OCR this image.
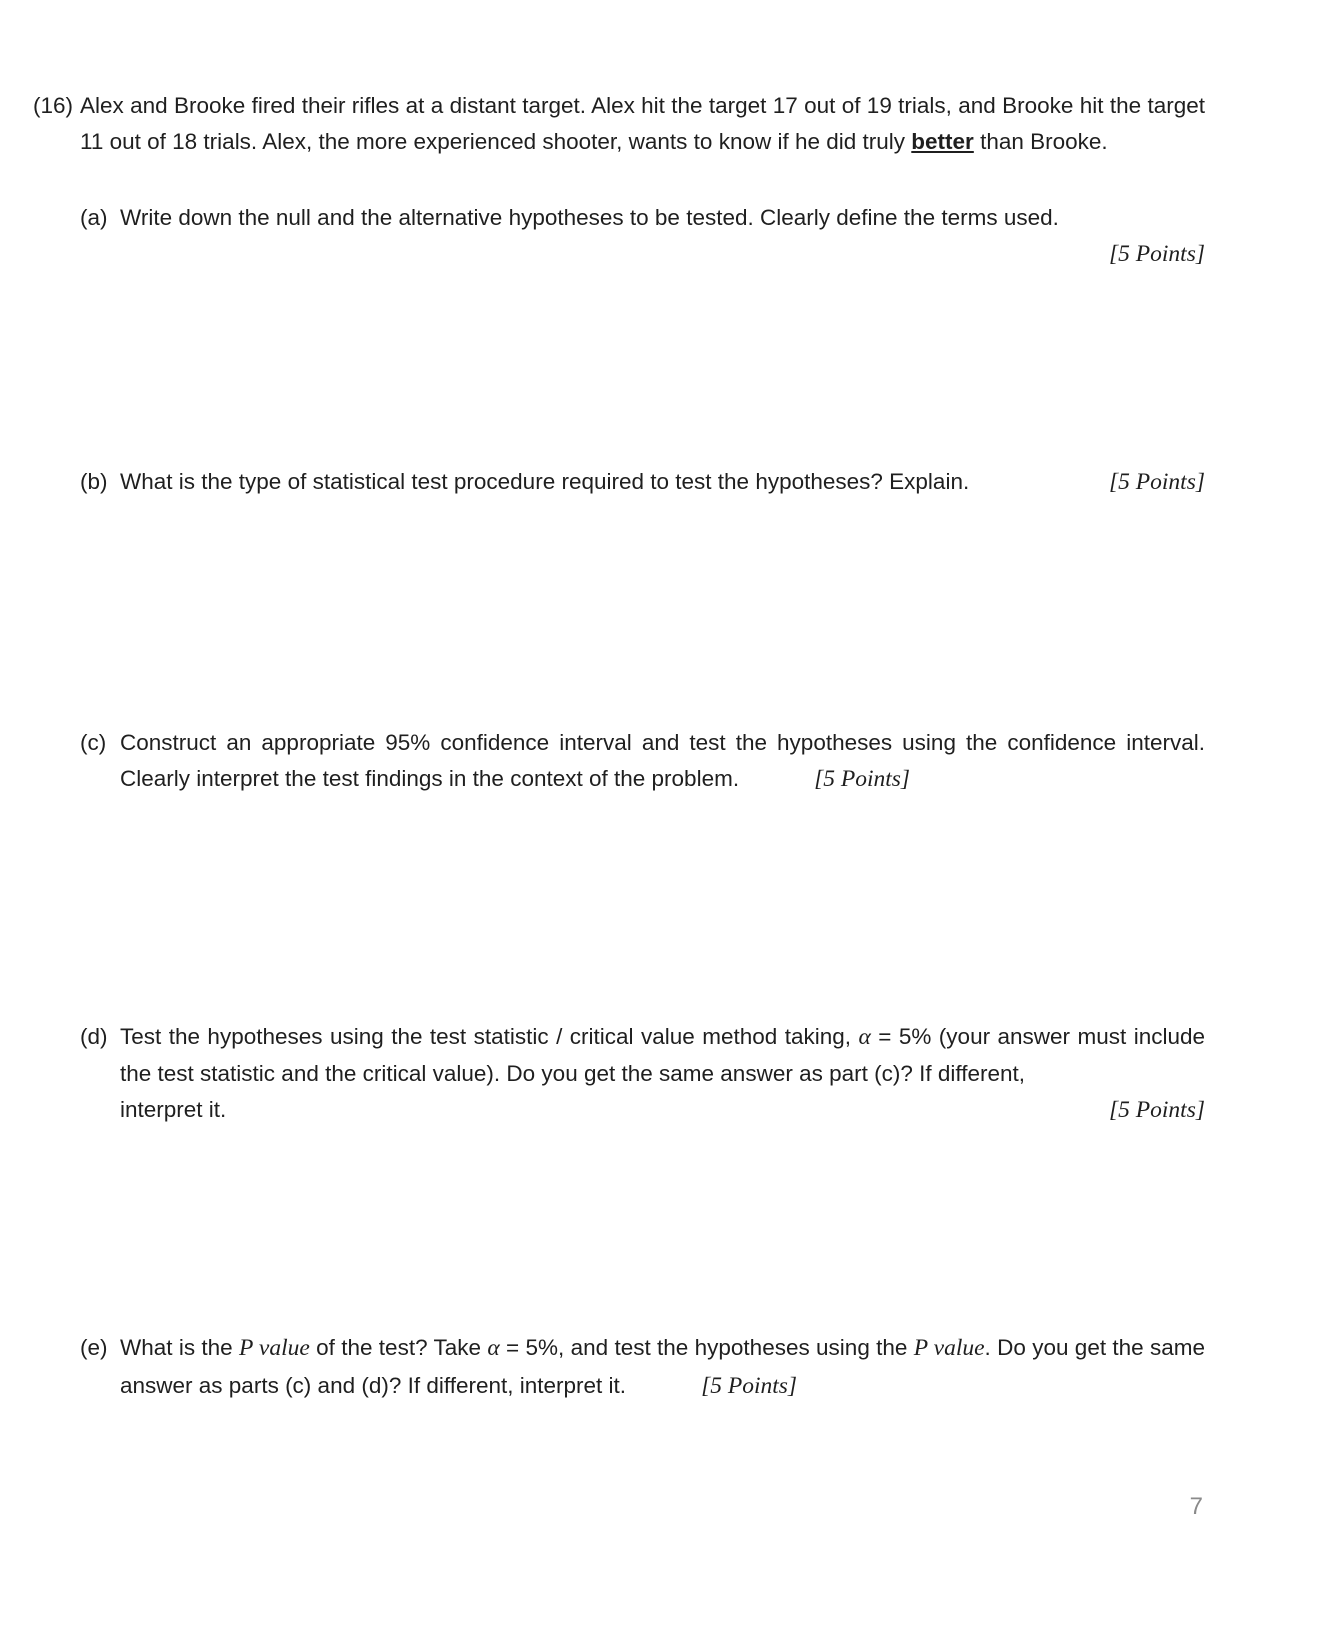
(16) Alex and Brooke fired their rifles at a distant target. Alex hit the target 17 out of 19 trials, and Brooke hit the target 11 out of 18 trials. Alex, the more experienced shooter, wants to know if he did truly better than Brooke.

(a) Write down the null and the alternative hypotheses to be tested. Clearly define the terms used.

[5 Points]
(b) What is the type of statistical test procedure required to test the hypotheses? Explain.	[5 Points]
(c) Construct an appropriate 95% confidence interval and test the hypotheses using the confidence interval. Clearly interpret the test findings in the context of the problem.	[5 Points]

(d) Test the hypotheses using the test statistic / critical value method taking, α = 5% (your answer must include the test statistic and the critical value). Do you get the same answer as part (c)? If different,

interpret it.	[5 Points]
(e) What is the P value of the test? Take α = 5%, and test the hypotheses using the P value. Do you get the same answer as parts (c) and (d)? If different, interpret it.	[5 Points]

7
